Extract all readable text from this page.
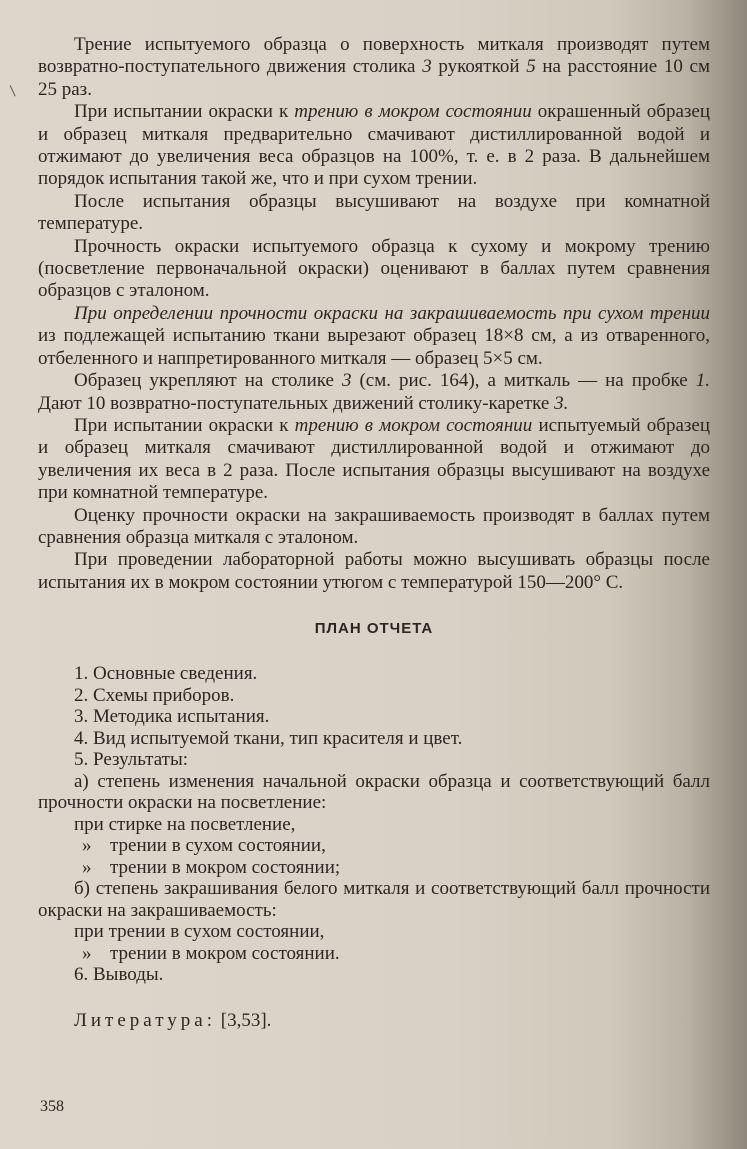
Трение испытуемого образца о поверхность миткаля производят путем возвратно-поступательного движения столика 3 рукояткой 5 на расстояние 10 см 25 раз.

При испытании окраски к трению в мокром состоянии окрашенный образец и образец миткаля предварительно смачивают дистиллированной водой и отжимают до увеличения веса образцов на 100%, т. е. в 2 раза. В дальнейшем порядок испытания такой же, что и при сухом трении.

После испытания образцы высушивают на воздухе при комнатной температуре.

Прочность окраски испытуемого образца к сухому и мокрому трению (посветление первоначальной окраски) оценивают в баллах путем сравнения образцов с эталоном.

При определении прочности окраски на закрашиваемость при сухом трении из подлежащей испытанию ткани вырезают образец 18×8 см, а из отваренного, отбеленного и наппретированного миткаля — образец 5×5 см.

Образец укрепляют на столике 3 (см. рис. 164), а миткаль — на пробке 1. Дают 10 возвратно-поступательных движений столику-каретке 3.

При испытании окраски к трению в мокром состоянии испытуемый образец и образец миткаля смачивают дистиллированной водой и отжимают до увеличения их веса в 2 раза. После испытания образцы высушивают на воздухе при комнатной температуре.

Оценку прочности окраски на закрашиваемость производят в баллах путем сравнения образца миткаля с эталоном.

При проведении лабораторной работы можно высушивать образцы после испытания их в мокром состоянии утюгом с температурой 150—200° С.

ПЛАН ОТЧЕТА
1. Основные сведения.
2. Схемы приборов.
3. Методика испытания.
4. Вид испытуемой ткани, тип красителя и цвет.
5. Результаты:
а) степень изменения начальной окраски образца и соответствующий балл прочности окраски на посветление:
при стирке на посветление,
» трении в сухом состоянии,
» трении в мокром состоянии;
б) степень закрашивания белого миткаля и соответствующий балл прочности окраски на закрашиваемость:
при трении в сухом состоянии,
» трении в мокром состоянии.
6. Выводы.
Литература: [3,53].
358
